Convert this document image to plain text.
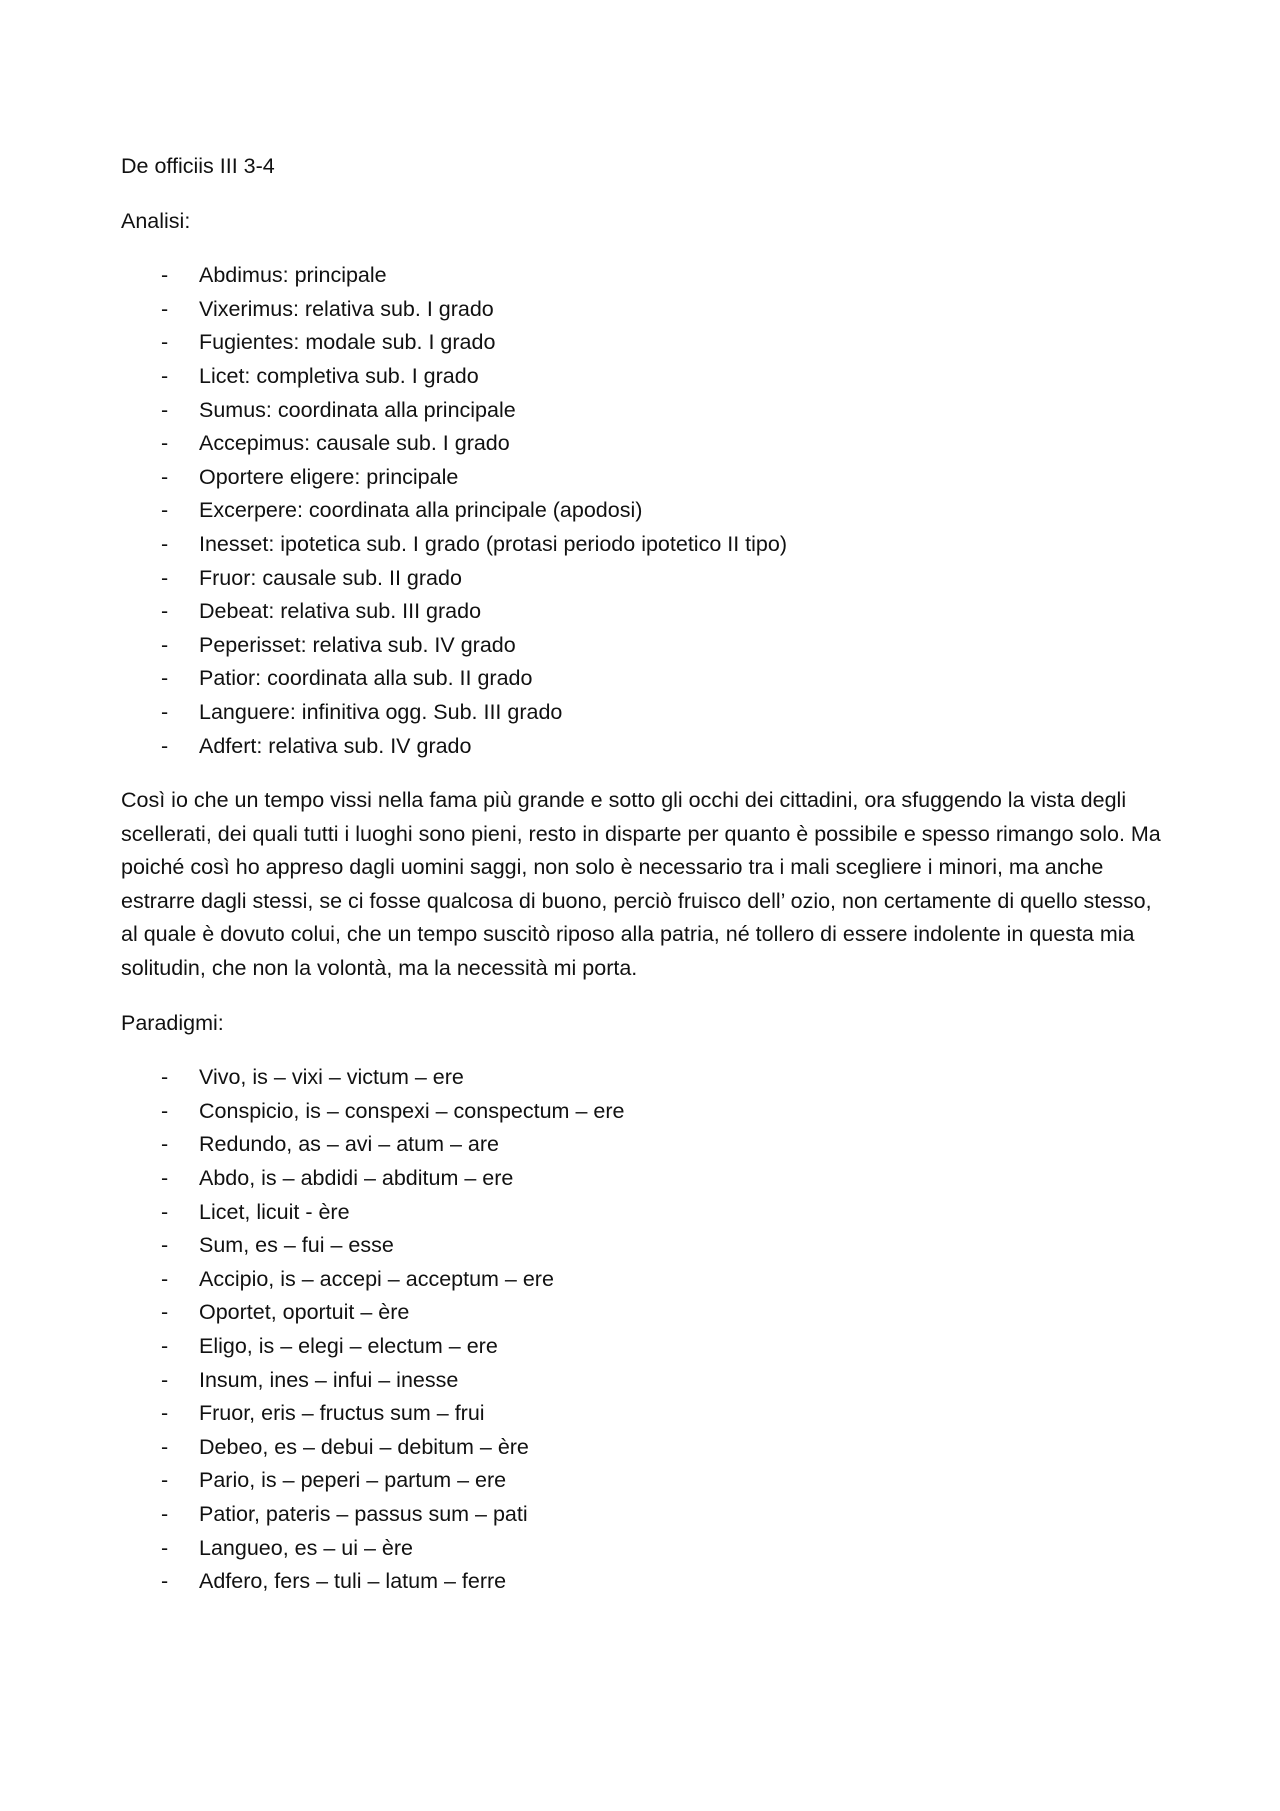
De officiis III 3-4

Analisi:

- Abdimus: principale
- Vixerimus: relativa sub. I grado
- Fugientes: modale sub. I grado
- Licet: completiva sub. I grado
- Sumus: coordinata alla principale
- Accepimus: causale sub. I grado
- Oportere eligere: principale
- Excerpere: coordinata alla principale (apodosi)
- Inesset: ipotetica sub. I grado (protasi periodo ipotetico II tipo)
- Fruor: causale sub. II grado
- Debeat: relativa sub. III grado
- Peperisset: relativa sub. IV grado
- Patior: coordinata alla sub. II grado
- Languere: infinitiva ogg. Sub. III grado
- Adfert: relativa sub. IV grado

Così io che un tempo vissi nella fama più grande e sotto gli occhi dei cittadini, ora sfuggendo la vista degli scellerati, dei quali tutti i luoghi sono pieni, resto in disparte per quanto è possibile e spesso rimango solo. Ma poiché così ho appreso dagli uomini saggi, non solo è necessario tra i mali scegliere i minori, ma anche estrarre dagli stessi, se ci fosse qualcosa di buono, perciò fruisco dell’ ozio, non certamente di quello stesso, al quale è dovuto colui, che un tempo suscitò riposo alla patria, né tollero di essere indolente in questa mia solitudin, che non la volontà, ma la necessità mi porta.

Paradigmi:

- Vivo, is – vixi – victum – ere
- Conspicio, is – conspexi – conspectum – ere
- Redundo, as – avi – atum – are
- Abdo, is – abdidi – abditum – ere
- Licet, licuit - ère
- Sum, es – fui – esse
- Accipio, is – accepi – acceptum – ere
- Oportet, oportuit – ère
- Eligo, is – elegi – electum – ere
- Insum, ines – infui – inesse
- Fruor, eris – fructus sum – frui
- Debeo, es – debui – debitum – ère
- Pario, is – peperi – partum – ere
- Patior, pateris – passus sum – pati
- Langueo, es – ui – ère
- Adfero, fers – tuli – latum – ferre
